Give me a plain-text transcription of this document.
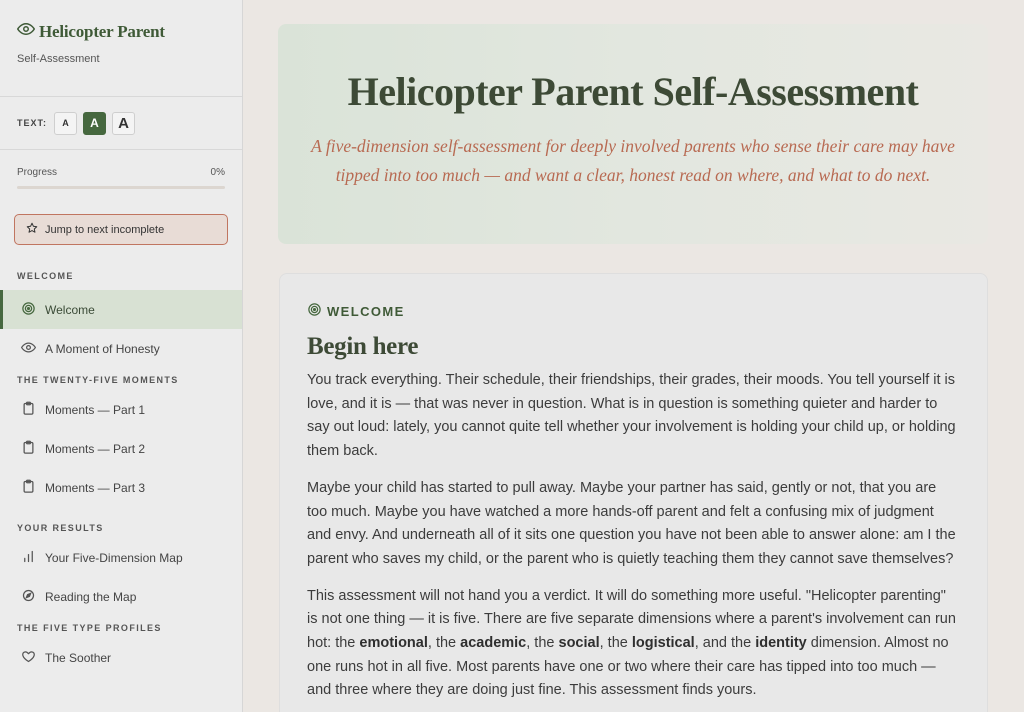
Helicopter Parent
Self-Assessment
TEXT:	A	A	A
Progress	0%
Jump to next incomplete
WELCOME
Welcome
A Moment of Honesty
THE TWENTY-FIVE MOMENTS
Moments — Part 1
Moments — Part 2
Moments — Part 3
YOUR RESULTS
Your Five-Dimension Map
Reading the Map
THE FIVE TYPE PROFILES
The Soother
Helicopter Parent Self-Assessment

A five-dimension self-assessment for deeply involved parents who sense their care may have tipped into too much — and want a clear, honest read on where, and what to do next.

WELCOME
Begin here

You track everything. Their schedule, their friendships, their grades, their moods. You tell yourself it is love, and it is — that was never in question. What is in question is something quieter and harder to say out loud: lately, you cannot quite tell whether your involvement is holding your child up, or holding them back.

Maybe your child has started to pull away. Maybe your partner has said, gently or not, that you are too much. Maybe you have watched a more hands-off parent and felt a confusing mix of judgment and envy. And underneath all of it sits one question you have not been able to answer alone: am I the parent who saves my child, or the parent who is quietly teaching them they cannot save themselves?

This assessment will not hand you a verdict. It will do something more useful. "Helicopter parenting" is not one thing — it is five. There are five separate dimensions where a parent's involvement can run hot: the emotional, the academic, the social, the logistical, and the identity dimension. Almost no one runs hot in all five. Most parents have one or two where their care has tipped into too much — and three where they are doing just fine. This assessment finds yours.
